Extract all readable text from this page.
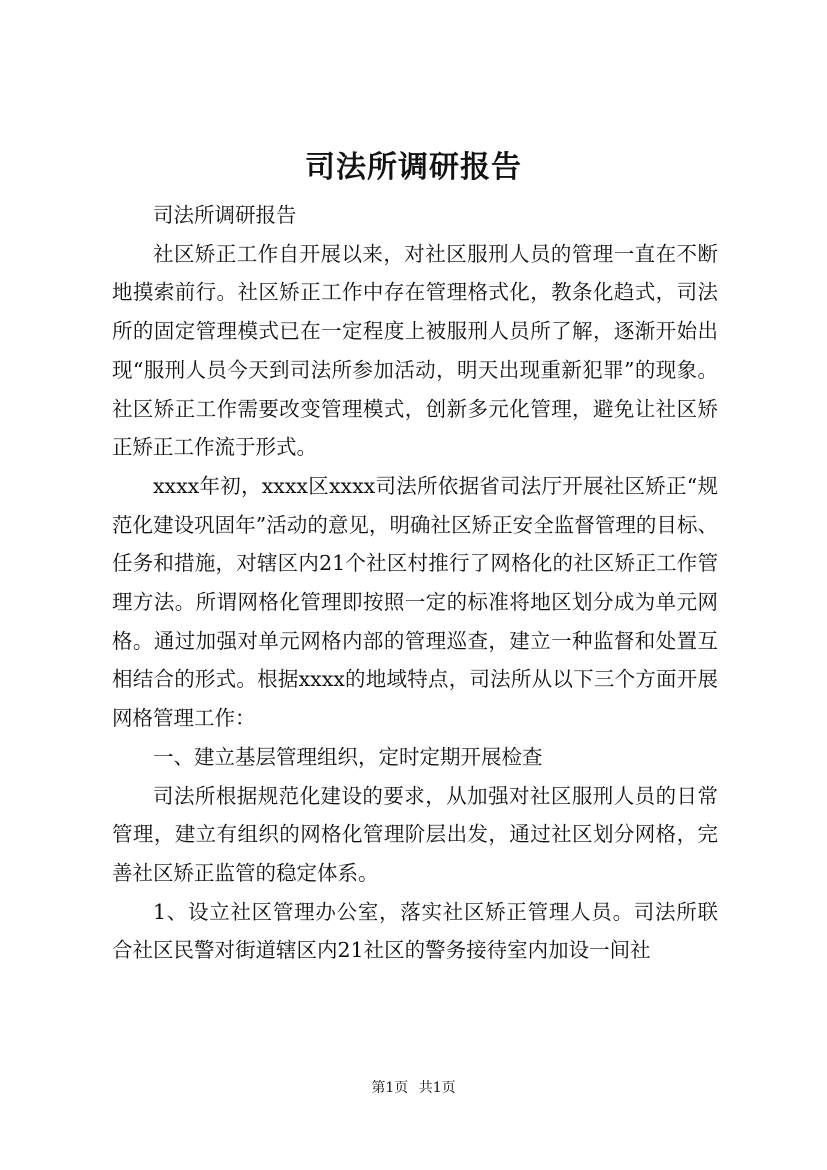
司法所调研报告

司法所调研报告

社区矫正工作自开展以来，对社区服刑人员的管理一直在不断地摸索前行。社区矫正工作中存在管理格式化，教条化趋式，司法所的固定管理模式已在一定程度上被服刑人员所了解，逐渐开始出现“服刑人员今天到司法所参加活动，明天出现重新犯罪”的现象。社区矫正工作需要改变管理模式，创新多元化管理，避免让社区矫正矫正工作流于形式。

xxxx年初，xxxx区xxxx司法所依据省司法厅开展社区矫正“规范化建设巩固年”活动的意见，明确社区矫正安全监督管理的目标、任务和措施，对辖区内21个社区村推行了网格化的社区矫正工作管理方法。所谓网格化管理即按照一定的标准将地区划分成为单元网格。通过加强对单元网格内部的管理巡查，建立一种监督和处置互相结合的形式。根据xxxx的地域特点，司法所从以下三个方面开展网格管理工作：

一、建立基层管理组织，定时定期开展检查

司法所根据规范化建设的要求，从加强对社区服刑人员的日常管理，建立有组织的网格化管理阶层出发，通过社区划分网格，完善社区矫正监管的稳定体系。

1、设立社区管理办公室，落实社区矫正管理人员。司法所联合社区民警对街道辖区内21社区的警务接待室内加设一间社

第1页 共1页
